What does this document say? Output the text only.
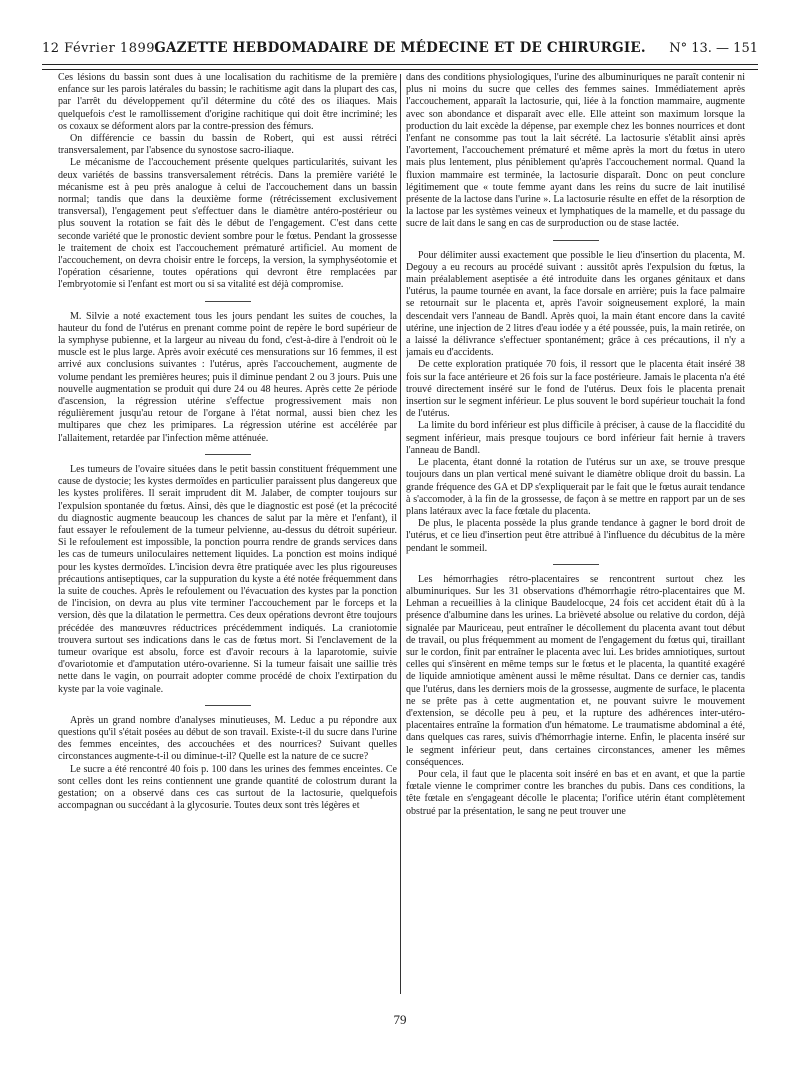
12 Février 1899.
GAZETTE HEBDOMADAIRE DE MÉDECINE ET DE CHIRURGIE.	N° 13. — 151

Ces lésions du bassin sont dues à une localisation du rachitisme de la première enfance sur les parois latérales du bassin; le rachitisme agit dans la plupart des cas, par l'arrêt du développement qu'il détermine du côté des os iliaques. Mais quelquefois c'est le ramollissement d'origine rachitique qui doit être incriminé; les os coxaux se déforment alors par la contre-pression des fémurs.

On différencie ce bassin du bassin de Robert, qui est aussi rétréci transversalement, par l'absence du synostose sacro-iliaque.

Le mécanisme de l'accouchement présente quelques particularités, suivant les deux variétés de bassins transversalement rétrécis. Dans la première variété le mécanisme est à peu près analogue à celui de l'accouchement dans un bassin normal; tandis que dans la deuxième forme (rétrécissement exclusivement transversal), l'engagement peut s'effectuer dans le diamètre antéro-postérieur ou plus souvent la rotation se fait dès le début de l'engagement. C'est dans cette seconde variété que le pronostic devient sombre pour le fœtus. Pendant la grossesse le traitement de choix est l'accouchement prématuré artificiel. Au moment de l'accouchement, on devra choisir entre le forceps, la version, la symphyséotomie et l'opération césarienne, toutes opérations qui devront être remplacées par l'embryotomie si l'enfant est mort ou si sa vitalité est déjà compromise.

M. Silvie a noté exactement tous les jours pendant les suites de couches, la hauteur du fond de l'utérus en prenant comme point de repère le bord supérieur de la symphyse pubienne, et la largeur au niveau du fond, c'est-à-dire à l'endroit où le muscle est le plus large. Après avoir exécuté ces mensurations sur 16 femmes, il est arrivé aux conclusions suivantes : l'utérus, après l'accouchement, augmente de volume pendant les premières heures; puis il diminue pendant 2 ou 3 jours. Puis une nouvelle augmentation se produit qui dure 24 ou 48 heures. Après cette 2e période d'ascension, la régression utérine s'effectue progressivement mais non régulièrement jusqu'au retour de l'organe à l'état normal, aussi bien chez les multipares que chez les primipares. La régression utérine est accélérée par l'allaitement, retardée par l'infection même atténuée.

Les tumeurs de l'ovaire situées dans le petit bassin constituent fréquemment une cause de dystocie; les kystes dermoïdes en particulier paraissent plus dangereux que les kystes prolifères. Il serait imprudent dit M. Jalaber, de compter toujours sur l'expulsion spontanée du fœtus. Ainsi, dès que le diagnostic est posé (et la précocité du diagnostic augmente beaucoup les chances de salut par la mère et l'enfant), il faut essayer le refoulement de la tumeur pelvienne, au-dessus du détroit supérieur. Si le refoulement est impossible, la ponction pourra rendre de grands services dans les cas de tumeurs uniloculaires nettement liquides. La ponction est moins indiqué pour les kystes dermoïdes. L'incision devra être pratiquée avec les plus rigoureuses précautions antiseptiques, car la suppuration du kyste a été notée fréquemment dans la suite de couches. Après le refoulement ou l'évacuation des kystes par la ponction de l'incision, on devra au plus vite terminer l'accouchement par le forceps et la version, dès que la dilatation le permettra. Ces deux opérations devront être toujours précédée des manœuvres réductrices précédemment indiqués. La craniotomie trouvera surtout ses indications dans le cas de fœtus mort. Si l'enclavement de la tumeur ovarique est absolu, force est d'avoir recours à la laparotomie, suivie d'ovariotomie et d'amputation utéro-ovarienne. Si la tumeur faisait une saillie très nette dans le vagin, on pourrait adopter comme procédé de choix l'extirpation du kyste par la voie vaginale.

Après un grand nombre d'analyses minutieuses, M. Leduc a pu répondre aux questions qu'il s'était posées au début de son travail. Existe-t-il du sucre dans l'urine des femmes enceintes, des accouchées et des nourrices? Suivant quelles circonstances augmente-t-il ou diminue-t-il? Quelle est la nature de ce sucre?

Le sucre a été rencontré 40 fois p. 100 dans les urines des femmes enceintes. Ce sont celles dont les reins contiennent une grande quantité de colostrum durant la gestation; on a observé dans ces cas surtout de la lactosurie, quelquefois accompagnan ou succédant à la glycosurie. Toutes deux sont très légères et

dans des conditions physiologiques, l'urine des albuminuriques ne paraît contenir ni plus ni moins du sucre que celles des femmes saines. Immédiatement après l'accouchement, apparaît la lactosurie, qui, liée à la fonction mammaire, augmente avec son abondance et disparaît avec elle. Elle atteint son maximum lorsque la production du lait excède la dépense, par exemple chez les bonnes nourrices et dont l'enfant ne consomme pas tout la lait sécrété. La lactosurie s'établit ainsi après l'avortement, l'accouchement prématuré et même après la mort du fœtus in utero mais plus lentement, plus péniblement qu'après l'accouchement normal. Quand la fluxion mammaire est terminée, la lactosurie disparaît. Donc on peut conclure légitimement que « toute femme ayant dans les reins du sucre de lait inutilisé présente de la lactose dans l'urine ». La lactosurie résulte en effet de la résorption de la lactose par les systèmes veineux et lymphatiques de la mamelle, et du passage du sucre de lait dans le sang en cas de surproduction ou de stase lactée.

Pour délimiter aussi exactement que possible le lieu d'insertion du placenta, M. Degouy a eu recours au procédé suivant : aussitôt après l'expulsion du fœtus, la main préalablement aseptisée a été introduite dans les organes génitaux et dans l'utérus, la paume tournée en avant, la face dorsale en arrière; puis la face palmaire se retournait sur le placenta et, après l'avoir soigneusement exploré, la main descendait vers l'anneau de Bandl. Après quoi, la main étant encore dans la cavité utérine, une injection de 2 litres d'eau iodée y a été poussée, puis, la main retirée, on a laissé la délivrance s'effectuer spontanément; grâce à ces précautions, il n'y a jamais eu d'accidents.

De cette exploration pratiquée 70 fois, il ressort que le placenta était inséré 38 fois sur la face antérieure et 26 fois sur la face postérieure. Jamais le placenta n'a été trouvé directement inséré sur le fond de l'utérus. Deux fois le placenta prenait insertion sur le segment inférieur. Le plus souvent le bord supérieur touchait la fond de l'utérus.

La limite du bord inférieur est plus difficile à préciser, à cause de la flaccidité du segment inférieur, mais presque toujours ce bord inférieur fait hernie à travers l'anneau de Bandl.

Le placenta, étant donné la rotation de l'utérus sur un axe, se trouve presque toujours dans un plan vertical mené suivant le diamètre oblique droit du bassin. La grande fréquence des GA et DP s'expliquerait par le fait que le fœtus aurait tendance à s'accomoder, à la fin de la grossesse, de façon à se mettre en rapport par un de ses plans latéraux avec la face fœtale du placenta.

De plus, le placenta possède la plus grande tendance à gagner le bord droit de l'utérus, et ce lieu d'insertion peut être attribué à l'influence du décubitus de la mère pendant le sommeil.

Les hémorrhagies rétro-placentaires se rencontrent surtout chez les albuminuriques. Sur les 31 observations d'hémorrhagie rétro-placentaires que M. Lehman a recueillies à la clinique Baudelocque, 24 fois cet accident était dû à la présence d'albumine dans les urines. La brièveté absolue ou relative du cordon, déjà signalée par Mauriceau, peut entraîner le décollement du placenta avant tout début de travail, ou plus fréquemment au moment de l'engagement du fœtus qui, tiraillant sur le cordon, finit par entraîner le placenta avec lui. Les brides amniotiques, surtout celles qui s'insèrent en même temps sur le fœtus et le placenta, la quantité exagéré de liquide amniotique amènent aussi le même résultat. Dans ce dernier cas, tandis que l'utérus, dans les derniers mois de la grossesse, augmente de surface, le placenta ne se prête pas à cette augmentation et, ne pouvant suivre le mouvement d'extension, se décolle peu à peu, et la rupture des adhérences inter-utéro-placentaires entraîne la formation d'un hématome. Le traumatisme abdominal a été, dans quelques cas rares, suivis d'hémorrhagie interne. Enfin, le placenta inséré sur le segment inférieur peut, dans certaines circonstances, amener les mêmes conséquences.

Pour cela, il faut que le placenta soit inséré en bas et en avant, et que la partie fœtale vienne le comprimer contre les branches du pubis. Dans ces conditions, la tête fœtale en s'engageant décolle le placenta; l'orifice utérin étant complètement obstrué par la présentation, le sang ne peut trouver une

79
